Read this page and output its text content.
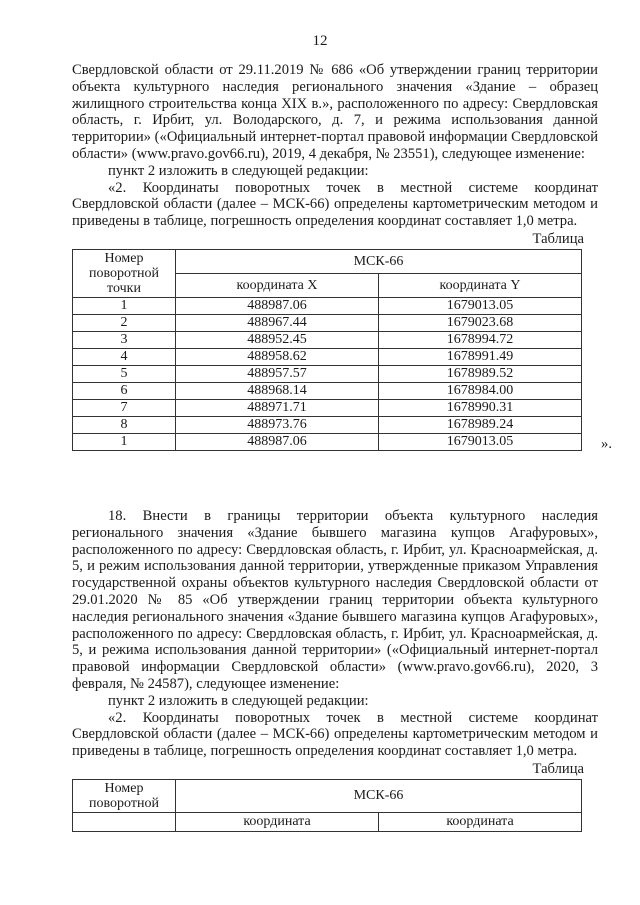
12

Свердловской области от 29.11.2019 № 686 «Об утверждении границ территории объекта культурного наследия регионального значения «Здание – образец жилищного строительства конца XIX в.», расположенного по адресу: Свердловская область, г. Ирбит, ул. Володарского, д. 7, и режима использования данной территории» («Официальный интернет-портал правовой информации Свердловской области» (www.pravo.gov66.ru), 2019, 4 декабря, № 23551), следующее изменение:

пункт 2 изложить в следующей редакции:

«2. Координаты поворотных точек в местной системе координат Свердловской области (далее – МСК-66) определены картометрическим методом и приведены в таблице, погрешность определения координат составляет 1,0 метра.

Таблица
Номер поворотной точки	МСК-66	
	координата X	координата Y
1	488987.06	1679013.05
2	488967.44	1679023.68
3	488952.45	1678994.72
4	488958.62	1678991.49
5	488957.57	1678989.52
6	488968.14	1678984.00
7	488971.71	1678990.31
8	488973.76	1678989.24
1	488987.06	1679013.05	».

18. Внести в границы территории объекта культурного наследия регионального значения «Здание бывшего магазина купцов Агафуровых», расположенного по адресу: Свердловская область, г. Ирбит, ул. Красноармейская, д. 5, и режим использования данной территории, утвержденные приказом Управления государственной охраны объектов культурного наследия Свердловской области от 29.01.2020 № 85 «Об утверждении границ территории объекта культурного наследия регионального значения «Здание бывшего магазина купцов Агафуровых», расположенного по адресу: Свердловская область, г. Ирбит, ул. Красноармейская, д. 5, и режима использования данной территории» («Официальный интернет-портал правовой информации Свердловской области» (www.pravo.gov66.ru), 2020, 3 февраля, № 24587), следующее изменение:

пункт 2 изложить в следующей редакции:

«2. Координаты поворотных точек в местной системе координат Свердловской области (далее – МСК-66) определены картометрическим методом и приведены в таблице, погрешность определения координат составляет 1,0 метра.

Таблица
Номер поворотной	МСК-66	
	координата	координата
